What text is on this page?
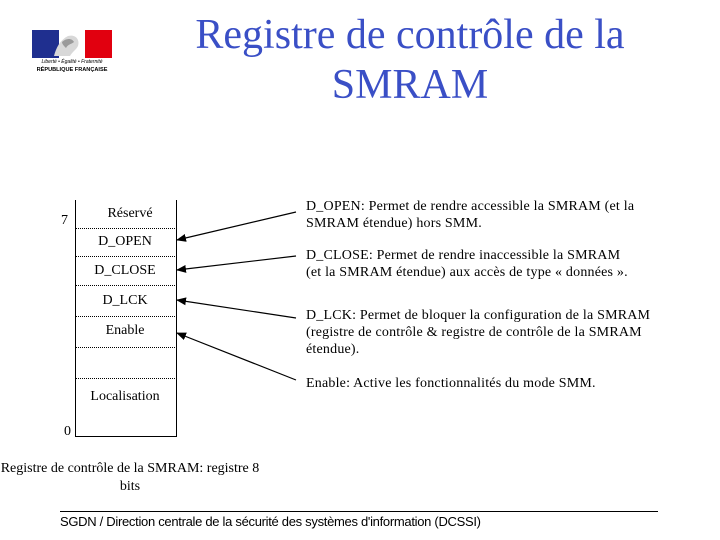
Liberté • Égalité • Fraternité
RÉPUBLIQUE FRANÇAISE
Registre de contrôle de la SMRAM
7
0
Réservé
D_OPEN
D_CLOSE
D_LCK
Enable
Localisation
D_OPEN: Permet de rendre accessible la SMRAM (et la SMRAM étendue) hors SMM.
D_CLOSE: Permet de rendre inaccessible la SMRAM (et la SMRAM étendue) aux accès de type « données ».
D_LCK: Permet de bloquer la configuration de la SMRAM (registre de contrôle & registre de contrôle de la SMRAM étendue).
Enable: Active les fonctionnalités du mode SMM.
Registre de contrôle de la SMRAM: registre 8 bits
SGDN / Direction centrale de la sécurité des systèmes d'information (DCSSI)
